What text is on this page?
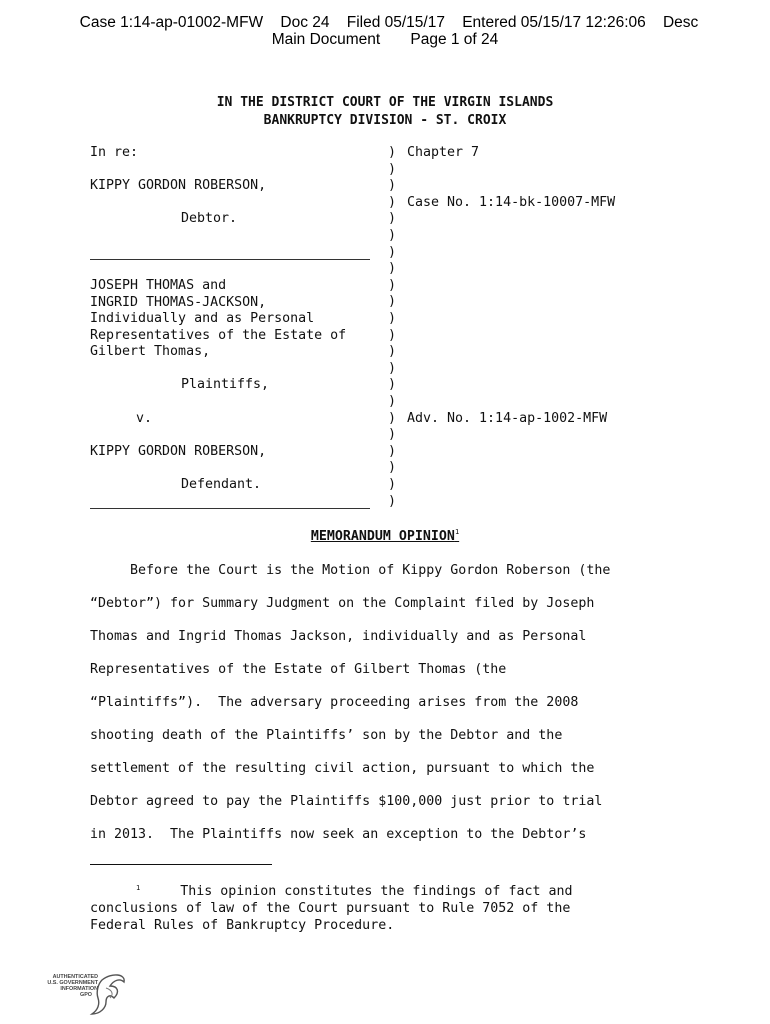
Case 1:14-ap-01002-MFW    Doc 24    Filed 05/15/17    Entered 05/15/17 12:26:06    Desc
Main Document       Page 1 of 24
IN THE DISTRICT COURT OF THE VIRGIN ISLANDS
BANKRUPTCY DIVISION - ST. CROIX
In re:
KIPPY GORDON ROBERSON,
Debtor.
JOSEPH THOMAS and
INGRID THOMAS-JACKSON,
Individually and as Personal
Representatives of the Estate of
Gilbert Thomas,
Plaintiffs,
v.
KIPPY GORDON ROBERSON,
Defendant.
)
)
)
)
)
)
)
)
)
)
)
)
)
)
)
)
)
)
)
)
)
)
Chapter 7
Case No. 1:14-bk-10007-MFW
Adv. No. 1:14-ap-1002-MFW
MEMORANDUM OPINION$^1$
Before the Court is the Motion of Kippy Gordon Roberson (the
“Debtor”) for Summary Judgment on the Complaint filed by Joseph
Thomas and Ingrid Thomas Jackson, individually and as Personal
Representatives of the Estate of Gilbert Thomas (the
“Plaintiffs”).  The adversary proceeding arises from the 2008
shooting death of the Plaintiffs’ son by the Debtor and the
settlement of the resulting civil action, pursuant to which the
Debtor agreed to pay the Plaintiffs $100,000 just prior to trial
in 2013.  The Plaintiffs now seek an exception to the Debtor’s
$^1$	This opinion constitutes the findings of fact and
conclusions of law of the Court pursuant to Rule 7052 of the
Federal Rules of Bankruptcy Procedure.
AUTHENTICATED
U.S. GOVERNMENT
INFORMATION
GPO
